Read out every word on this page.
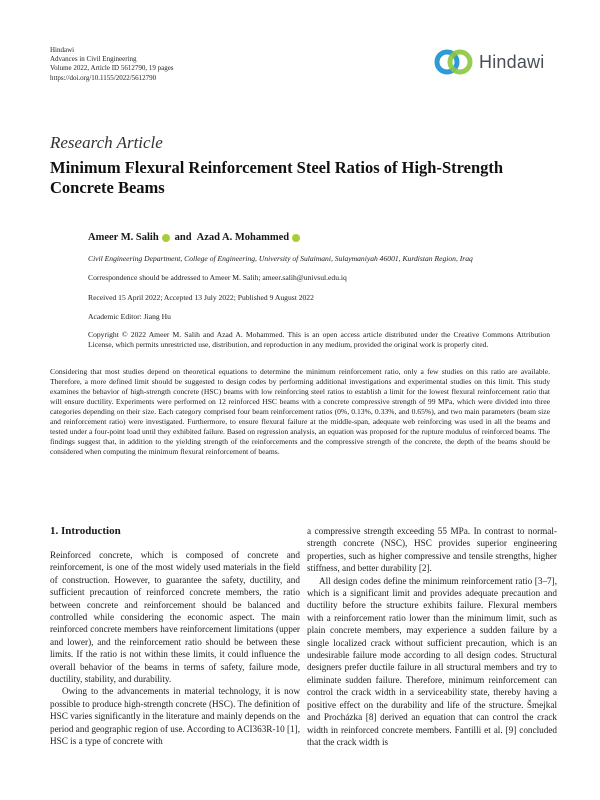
Hindawi
Advances in Civil Engineering
Volume 2022, Article ID 5612790, 19 pages
https://doi.org/10.1155/2022/5612790
Hindawi
Research Article
Minimum Flexural Reinforcement Steel Ratios of High-Strength Concrete Beams
Ameer M. Salih and Azad A. Mohammed
Civil Engineering Department, College of Engineering, University of Sulaimani, Sulaymaniyah 46001, Kurdistan Region, Iraq
Correspondence should be addressed to Ameer M. Salih; ameer.salih@univsul.edu.iq
Received 15 April 2022; Accepted 13 July 2022; Published 9 August 2022
Academic Editor: Jiang Hu
Copyright © 2022 Ameer M. Salih and Azad A. Mohammed. This is an open access article distributed under the Creative Commons Attribution License, which permits unrestricted use, distribution, and reproduction in any medium, provided the original work is properly cited.
Considering that most studies depend on theoretical equations to determine the minimum reinforcement ratio, only a few studies on this ratio are available. Therefore, a more defined limit should be suggested to design codes by performing additional investigations and experimental studies on this limit. This study examines the behavior of high-strength concrete (HSC) beams with low reinforcing steel ratios to establish a limit for the lowest flexural reinforcement ratio that will ensure ductility. Experiments were performed on 12 reinforced HSC beams with a concrete compressive strength of 99 MPa, which were divided into three categories depending on their size. Each category comprised four beam reinforcement ratios (0%, 0.13%, 0.33%, and 0.65%), and two main parameters (beam size and reinforcement ratio) were investigated. Furthermore, to ensure flexural failure at the middle-span, adequate web reinforcing was used in all the beams and tested under a four-point load until they exhibited failure. Based on regression analysis, an equation was proposed for the rupture modulus of reinforced beams. The findings suggest that, in addition to the yielding strength of the reinforcements and the compressive strength of the concrete, the depth of the beams should be considered when computing the minimum flexural reinforcement of beams.
1. Introduction

Reinforced concrete, which is composed of concrete and reinforcement, is one of the most widely used materials in the field of construction. However, to guarantee the safety, ductility, and sufficient precaution of reinforced concrete members, the ratio between concrete and reinforcement should be balanced and controlled while considering the economic aspect. The main reinforced concrete members have reinforcement limitations (upper and lower), and the reinforcement ratio should be between these limits. If the ratio is not within these limits, it could influence the overall behavior of the beams in terms of safety, failure mode, ductility, stability, and durability.

Owing to the advancements in material technology, it is now possible to produce high-strength concrete (HSC). The definition of HSC varies significantly in the literature and mainly depends on the period and geographic region of use. According to ACI363R-10 [1], HSC is a type of concrete with

a compressive strength exceeding 55 MPa. In contrast to normal-strength concrete (NSC), HSC provides superior engineering properties, such as higher compressive and tensile strengths, higher stiffness, and better durability [2].

All design codes define the minimum reinforcement ratio [3–7], which is a significant limit and provides adequate precaution and ductility before the structure exhibits failure. Flexural members with a reinforcement ratio lower than the minimum limit, such as plain concrete members, may experience a sudden failure by a single localized crack without sufficient precaution, which is an undesirable failure mode according to all design codes. Structural designers prefer ductile failure in all structural members and try to eliminate sudden failure. Therefore, minimum reinforcement can control the crack width in a serviceability state, thereby having a positive effect on the durability and life of the structure. Šmejkal and Procházka [8] derived an equation that can control the crack width in reinforced concrete members. Fantilli et al. [9] concluded that the crack width is
